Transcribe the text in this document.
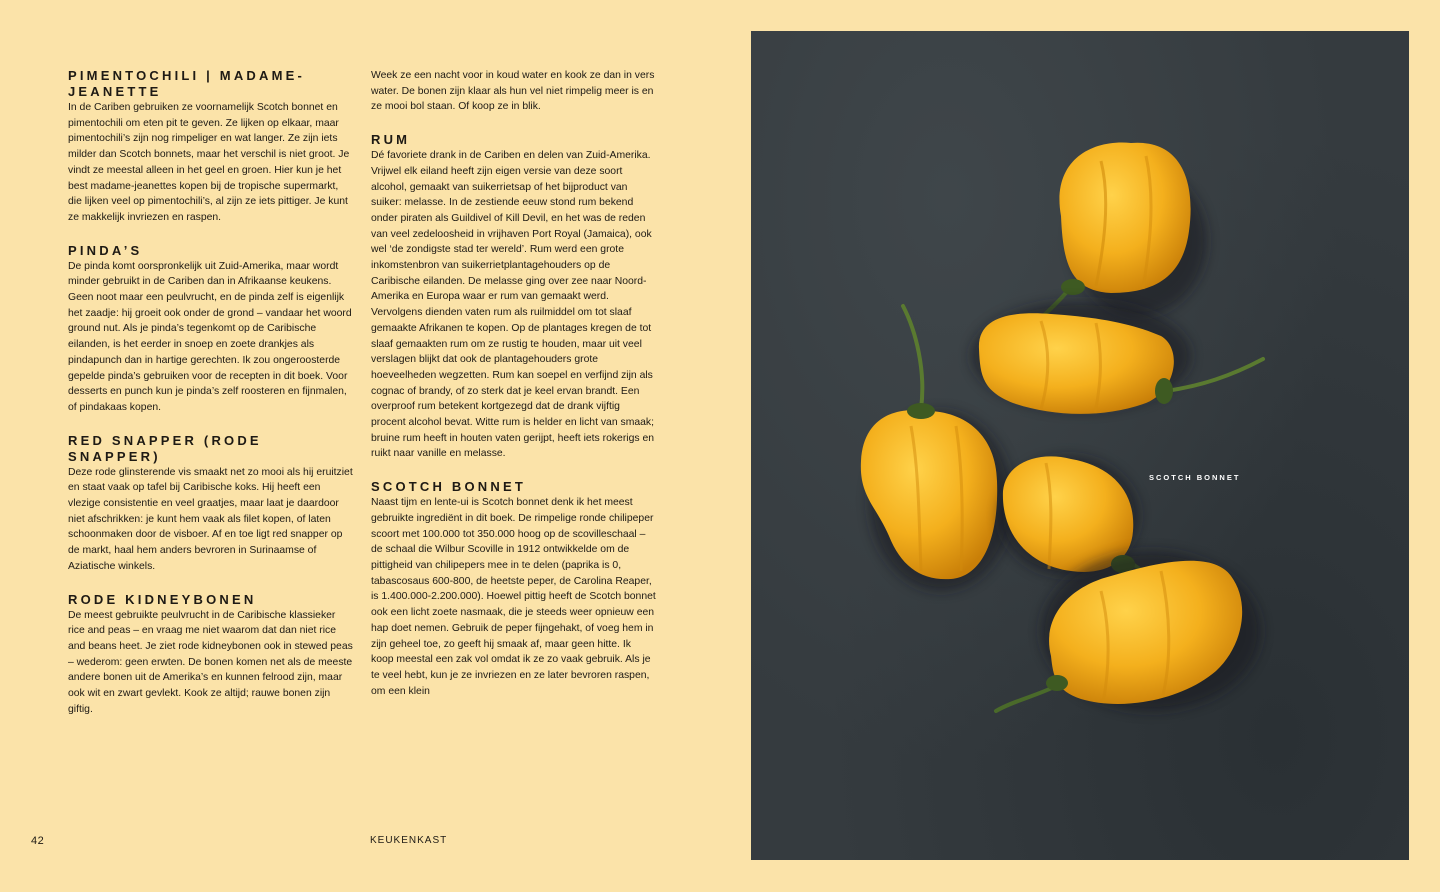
PIMENTOCHILI | MADAME-JEANETTE

In de Cariben gebruiken ze voornamelijk Scotch bonnet en pimentochili om eten pit te geven. Ze lijken op elkaar, maar pimentochili’s zijn nog rimpeliger en wat langer. Ze zijn iets milder dan Scotch bonnets, maar het verschil is niet groot. Je vindt ze meestal alleen in het geel en groen. Hier kun je het best madame-jeanettes kopen bij de tropische supermarkt, die lijken veel op pimentochili’s, al zijn ze iets pittiger. Je kunt ze makkelijk invriezen en raspen.

PINDA’S

De pinda komt oorspronkelijk uit Zuid-Amerika, maar wordt minder gebruikt in de Cariben dan in Afrikaanse keukens. Geen noot maar een peulvrucht, en de pinda zelf is eigenlijk het zaadje: hij groeit ook onder de grond – vandaar het woord ground nut. Als je pinda’s tegenkomt op de Caribische eilanden, is het eerder in snoep en zoete drankjes als pindapunch dan in hartige gerechten. Ik zou ongeroosterde gepelde pinda’s gebruiken voor de recepten in dit boek. Voor desserts en punch kun je pinda’s zelf roosteren en fijnmalen, of pindakaas kopen.

RED SNAPPER (RODE SNAPPER)

Deze rode glinsterende vis smaakt net zo mooi als hij eruitziet en staat vaak op tafel bij Caribische koks. Hij heeft een vlezige consistentie en veel graatjes, maar laat je daardoor niet afschrikken: je kunt hem vaak als filet kopen, of laten schoonmaken door de visboer. Af en toe ligt red snapper op de markt, haal hem anders bevroren in Surinaamse of Aziatische winkels.

RODE KIDNEYBONEN

De meest gebruikte peulvrucht in de Caribische klassieker rice and peas – en vraag me niet waarom dat dan niet rice and beans heet. Je ziet rode kidneybonen ook in stewed peas – wederom: geen erwten. De bonen komen net als de meeste andere bonen uit de Amerika’s en kunnen felrood zijn, maar ook wit en zwart gevlekt. Kook ze altijd; rauwe bonen zijn giftig.

Week ze een nacht voor in koud water en kook ze dan in vers water. De bonen zijn klaar als hun vel niet rimpelig meer is en ze mooi bol staan. Of koop ze in blik.

RUM

Dé favoriete drank in de Cariben en delen van Zuid-Amerika. Vrijwel elk eiland heeft zijn eigen versie van deze soort alcohol, gemaakt van suikerrietsap of het bijproduct van suiker: melasse. In de zestiende eeuw stond rum bekend onder piraten als Guildivel of Kill Devil, en het was de reden van veel zedeloosheid in vrijhaven Port Royal (Jamaica), ook wel ‘de zondigste stad ter wereld’. Rum werd een grote inkomstenbron van suikerrietplantagehouders op de Caribische eilanden. De melasse ging over zee naar Noord-Amerika en Europa waar er rum van gemaakt werd. Vervolgens dienden vaten rum als ruilmiddel om tot slaaf gemaakte Afrikanen te kopen. Op de plantages kregen de tot slaaf gemaakten rum om ze rustig te houden, maar uit veel verslagen blijkt dat ook de plantagehouders grote hoeveelheden wegzetten. Rum kan soepel en verfijnd zijn als cognac of brandy, of zo sterk dat je keel ervan brandt. Een overproof rum betekent kortgezegd dat de drank vijftig procent alcohol bevat. Witte rum is helder en licht van smaak; bruine rum heeft in houten vaten gerijpt, heeft iets rokerigs en ruikt naar vanille en melasse.

SCOTCH BONNET

Naast tijm en lente-ui is Scotch bonnet denk ik het meest gebruikte ingrediënt in dit boek. De rimpelige ronde chilipeper scoort met 100.000 tot 350.000 hoog op de scovilleschaal – de schaal die Wilbur Scoville in 1912 ontwikkelde om de pittigheid van chilipepers mee in te delen (paprika is 0, tabascosaus 600-800, de heetste peper, de Carolina Reaper, is 1.400.000-2.200.000). Hoewel pittig heeft de Scotch bonnet ook een licht zoete nasmaak, die je steeds weer opnieuw een hap doet nemen. Gebruik de peper fijngehakt, of voeg hem in zijn geheel toe, zo geeft hij smaak af, maar geen hitte. Ik koop meestal een zak vol omdat ik ze zo vaak gebruik. Als je te veel hebt, kun je ze invriezen en ze later bevroren raspen, om een klein

42	KEUKENKAST
SCOTCH BONNET
